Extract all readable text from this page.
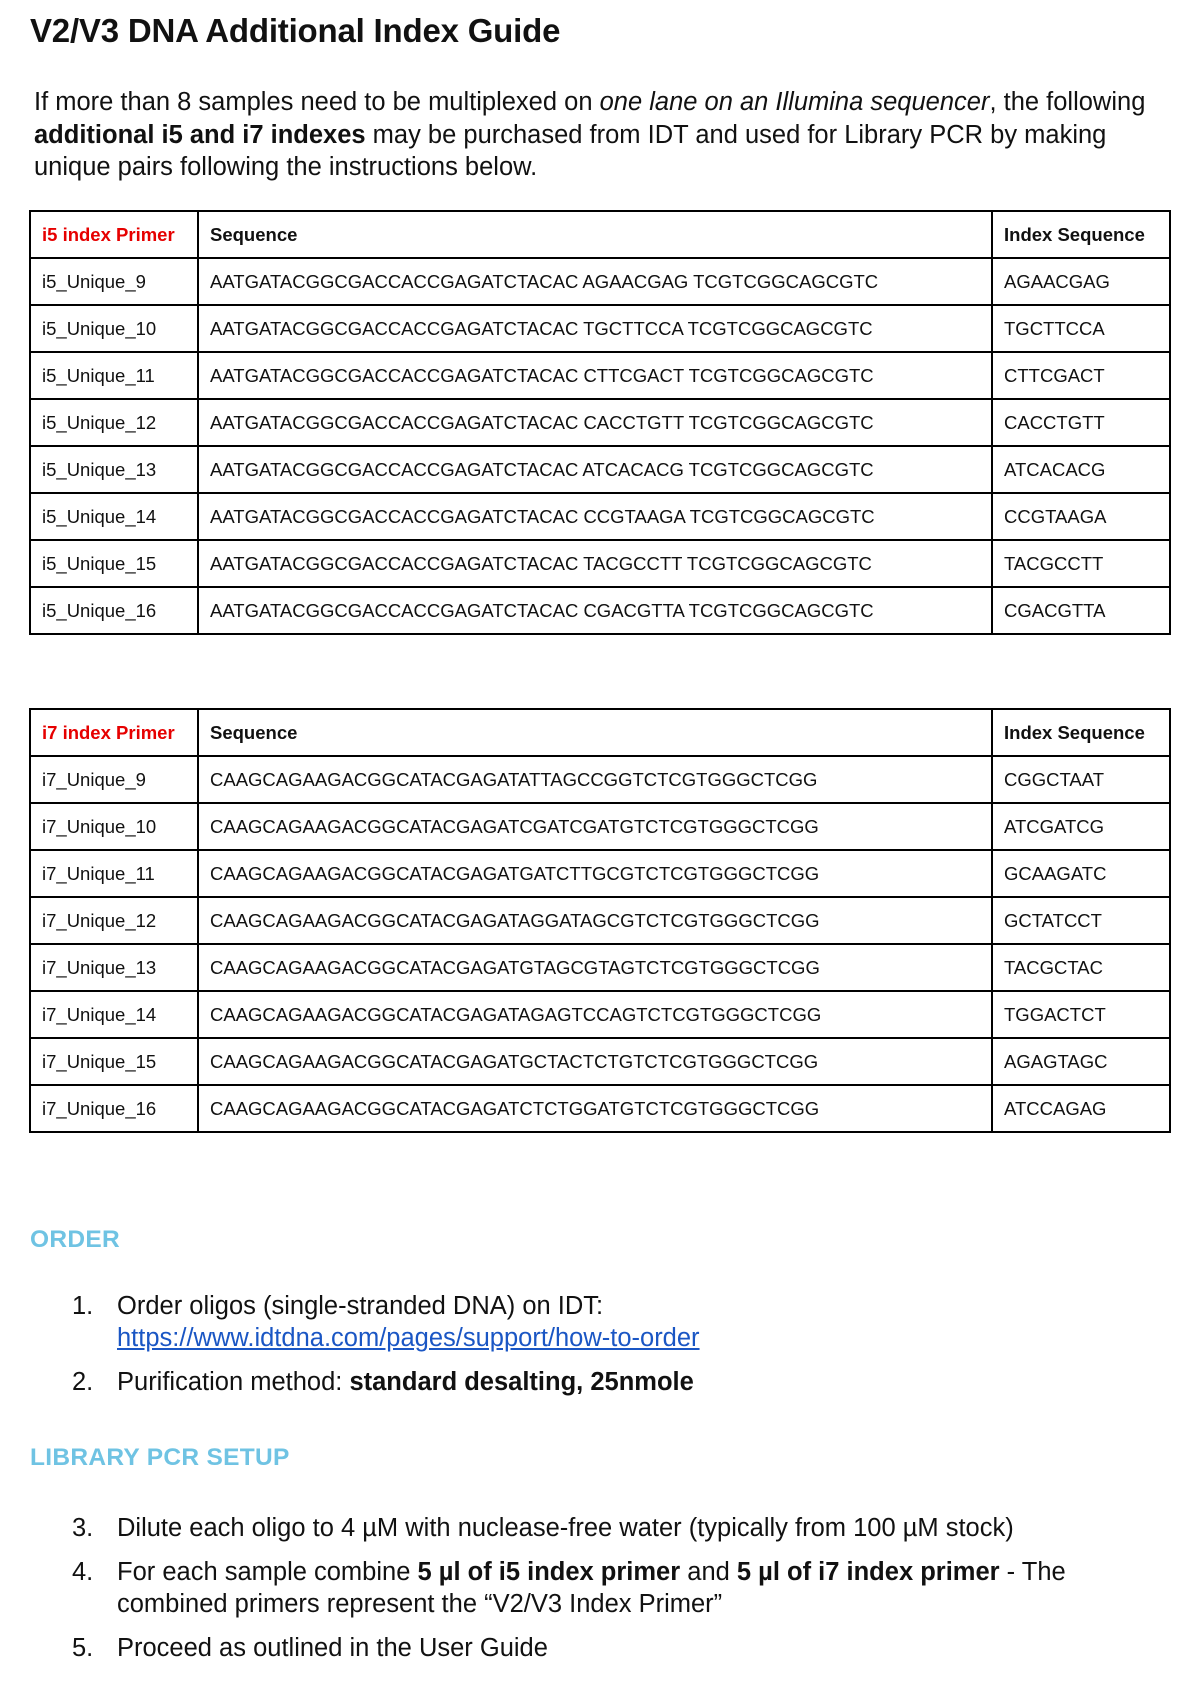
V2/V3 DNA Additional Index Guide

If more than 8 samples need to be multiplexed on one lane on an Illumina sequencer, the following additional i5 and i7 indexes may be purchased from IDT and used for Library PCR by making unique pairs following the instructions below.

i5 index Primer	Sequence	Index Sequence
i5_Unique_9	AATGATACGGCGACCACCGAGATCTACAC AGAACGAG TCGTCGGCAGCGTC	AGAACGAG
i5_Unique_10	AATGATACGGCGACCACCGAGATCTACAC TGCTTCCA TCGTCGGCAGCGTC	TGCTTCCA
i5_Unique_11	AATGATACGGCGACCACCGAGATCTACAC CTTCGACT TCGTCGGCAGCGTC	CTTCGACT
i5_Unique_12	AATGATACGGCGACCACCGAGATCTACAC CACCTGTT TCGTCGGCAGCGTC	CACCTGTT
i5_Unique_13	AATGATACGGCGACCACCGAGATCTACAC ATCACACG TCGTCGGCAGCGTC	ATCACACG
i5_Unique_14	AATGATACGGCGACCACCGAGATCTACAC CCGTAAGA TCGTCGGCAGCGTC	CCGTAAGA
i5_Unique_15	AATGATACGGCGACCACCGAGATCTACAC TACGCCTT TCGTCGGCAGCGTC	TACGCCTT
i5_Unique_16	AATGATACGGCGACCACCGAGATCTACAC CGACGTTA TCGTCGGCAGCGTC	CGACGTTA
i7 index Primer	Sequence	Index Sequence
i7_Unique_9	CAAGCAGAAGACGGCATACGAGATATTAGCCGGTCTCGTGGGCTCGG	CGGCTAAT
i7_Unique_10	CAAGCAGAAGACGGCATACGAGATCGATCGATGTCTCGTGGGCTCGG	ATCGATCG
i7_Unique_11	CAAGCAGAAGACGGCATACGAGATGATCTTGCGTCTCGTGGGCTCGG	GCAAGATC
i7_Unique_12	CAAGCAGAAGACGGCATACGAGATAGGATAGCGTCTCGTGGGCTCGG	GCTATCCT
i7_Unique_13	CAAGCAGAAGACGGCATACGAGATGTAGCGTAGTCTCGTGGGCTCGG	TACGCTAC
i7_Unique_14	CAAGCAGAAGACGGCATACGAGATAGAGTCCAGTCTCGTGGGCTCGG	TGGACTCT
i7_Unique_15	CAAGCAGAAGACGGCATACGAGATGCTACTCTGTCTCGTGGGCTCGG	AGAGTAGC
i7_Unique_16	CAAGCAGAAGACGGCATACGAGATCTCTGGATGTCTCGTGGGCTCGG	ATCCAGAG
ORDER
1. Order oligos (single-stranded DNA) on IDT:
https://www.idtdna.com/pages/support/how-to-order
2. Purification method: standard desalting, 25nmole
LIBRARY PCR SETUP
3. Dilute each oligo to 4 µM with nuclease-free water (typically from 100 µM stock)
4. For each sample combine 5 µl of i5 index primer and 5 µl of i7 index primer - The combined primers represent the “V2/V3 Index Primer”
5. Proceed as outlined in the User Guide
